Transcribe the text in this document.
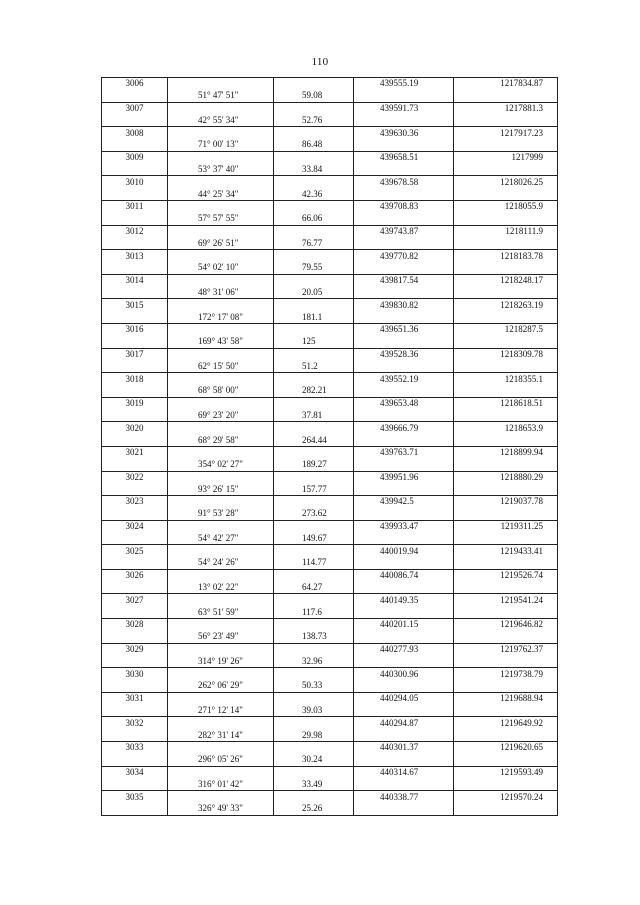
110
3006			439555.19	1217834.87
	51° 47' 51"	59.08		
3007			439591.73	1217881.3
	42° 55' 34"	52.76		
3008			439630.36	1217917.23
	71° 00' 13"	86.48		
3009			439658.51	1217999
	53° 37' 40"	33.84		
3010			439678.58	1218026.25
	44° 25' 34"	42.36		
3011			439708.83	1218055.9
	57° 57' 55"	66.06		
3012			439743.87	1218111.9
	69° 26' 51"	76.77		
3013			439770.82	1218183.78
	54° 02' 10"	79.55		
3014			439817.54	1218248.17
	48° 31' 06"	20.05		
3015			439830.82	1218263.19
	172° 17' 08"	181.1		
3016			439651.36	1218287.5
	169° 43' 58"	125		
3017			439528.36	1218309.78
	62° 15' 50"	51.2		
3018			439552.19	1218355.1
	68° 58' 00"	282.21		
3019			439653.48	1218618.51
	69° 23' 20"	37.81		
3020			439666.79	1218653.9
	68° 29' 58"	264.44		
3021			439763.71	1218899.94
	354° 02' 27"	189.27		
3022			439951.96	1218880.29
	93° 26' 15"	157.77		
3023			439942.5	1219037.78
	91° 53' 28"	273.62		
3024			439933.47	1219311.25
	54° 42' 27"	149.67		
3025			440019.94	1219433.41
	54° 24' 26"	114.77		
3026			440086.74	1219526.74
	13° 02' 22"	64.27		
3027			440149.35	1219541.24
	63° 51' 59"	117.6		
3028			440201.15	1219646.82
	56° 23' 49"	138.73		
3029			440277.93	1219762.37
	314° 19' 26"	32.96		
3030			440300.96	1219738.79
	262° 06' 29"	50.33		
3031			440294.05	1219688.94
	271° 12' 14"	39.03		
3032			440294.87	1219649.92
	282° 31' 14"	29.98		
3033			440301.37	1219620.65
	296° 05' 26"	30.24		
3034			440314.67	1219593.49
	316° 01' 42"	33.49		
3035			440338.77	1219570.24
	326° 49' 33"	25.26		
